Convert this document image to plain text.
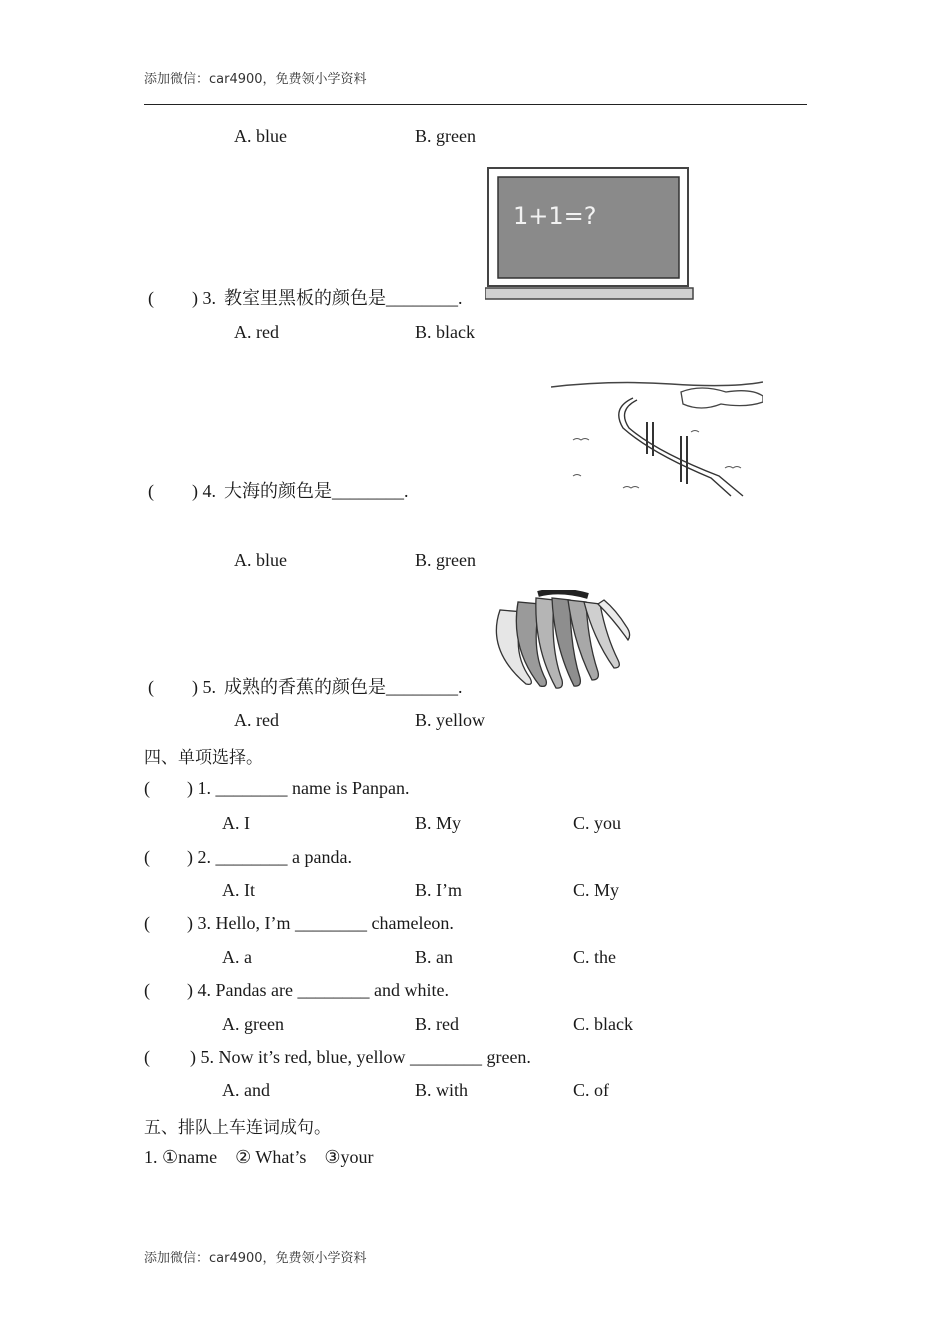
添加微信：car4900，免费领小学资料
A. blue	B. green
1+1=?
( ) 3. 教室里黑板的颜色是________.
A. red	B. black
( ) 4. 大海的颜色是________.
A. blue	B. green
( ) 5. 成熟的香蕉的颜色是________.
A. red	B. yellow
四、单项选择。
( ) 1. ________ name is Panpan.
A. I	B. My	C. you
( ) 2. ________ a panda.
A. It	B. I’m	C. My
( ) 3. Hello, I’m ________ chameleon.
A. a	B. an	C. the
( ) 4. Pandas are ________ and white.
A. green	B. red	C. black
( ) 5. Now it’s red, blue, yellow ________ green.
A. and	B. with	C. of
五、排队上车连词成句。
1. ①name    ② What’s    ③your
添加微信：car4900，免费领小学资料
